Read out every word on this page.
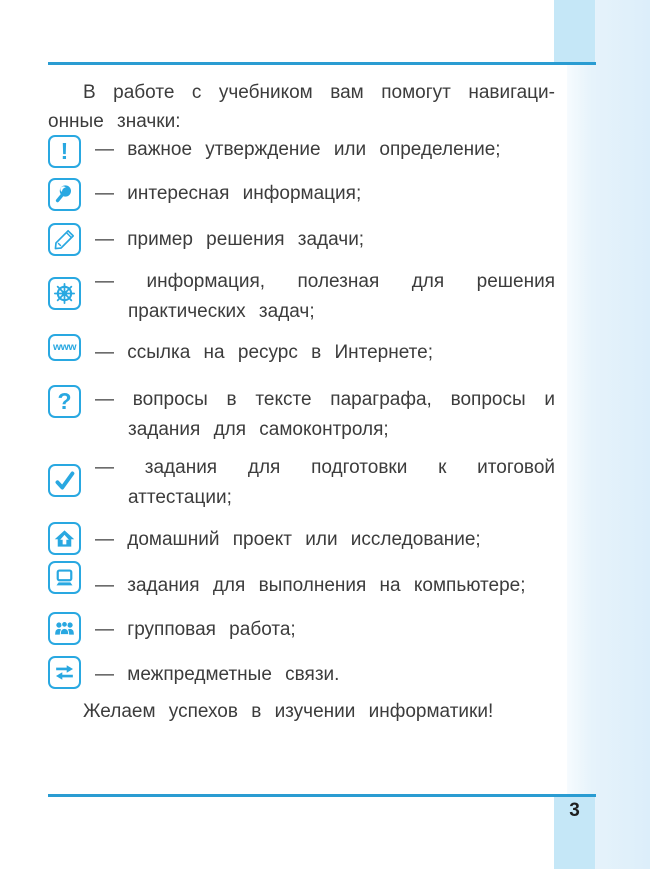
3
В работе с учебником вам помогут навигаци-
онные значки:
! — важное утверждение или определение;
— интересная информация;
— пример решения задачи;
— информация, полезная для решения
практических задач;
www — ссылка на ресурс в Интернете;
? — вопросы в тексте параграфа, вопросы и
задания для самоконтроля;
— задания для подготовки к итоговой
аттестации;
— домашний проект или исследование;
— задания для выполнения на компьютере;
— групповая работа;
— межпредметные связи.
Желаем успехов в изучении информатики!
